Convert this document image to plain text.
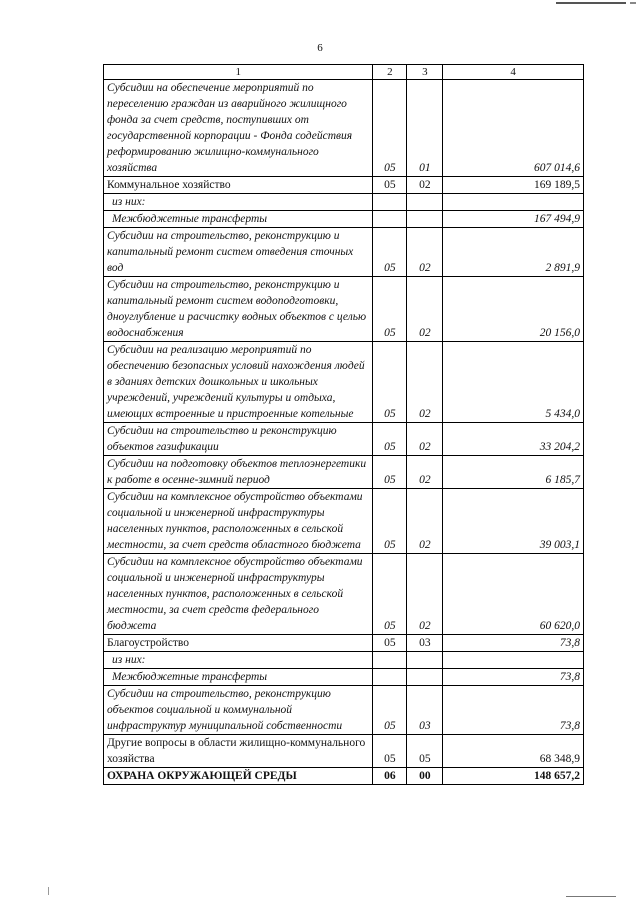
6
1	2	3	4
Субсидии на обеспечение мероприятий по переселению граждан из аварийного жилищного фонда за счет средств, поступивших от государственной корпорации - Фонда содействия реформированию жилищно-коммунального хозяйства	05	01	607 014,6
Коммунальное хозяйство	05	02	169 189,5
из них:			
Межбюджетные трансферты			167 494,9
Субсидии на строительство, реконструкцию и капитальный ремонт систем отведения сточных вод	05	02	2 891,9
Субсидии на строительство, реконструкцию и капитальный ремонт систем водоподготовки, дноуглубление и расчистку водных объектов с целью водоснабжения	05	02	20 156,0
Субсидии на реализацию мероприятий по обеспечению безопасных условий нахождения людей в зданиях детских дошкольных и школьных учреждений, учреждений культуры и отдыха, имеющих встроенные и пристроенные котельные	05	02	5 434,0
Субсидии на строительство и реконструкцию объектов газификации	05	02	33 204,2
Субсидии на подготовку объектов теплоэнергетики к работе в осенне-зимний период	05	02	6 185,7
Субсидии на комплексное обустройство объектами социальной и инженерной инфраструктуры населенных пунктов, расположенных в сельской местности, за счет средств областного бюджета	05	02	39 003,1
Субсидии на комплексное обустройство объектами социальной и инженерной инфраструктуры населенных пунктов, расположенных в сельской местности, за счет средств федерального бюджета	05	02	60 620,0
Благоустройство	05	03	73,8
из них:			
Межбюджетные трансферты			73,8
Субсидии на строительство, реконструкцию объектов социальной и коммунальной инфраструктур муниципальной собственности	05	03	73,8
Другие вопросы в области жилищно-коммунального хозяйства	05	05	68 348,9
ОХРАНА ОКРУЖАЮЩЕЙ СРЕДЫ	06	00	148 657,2
